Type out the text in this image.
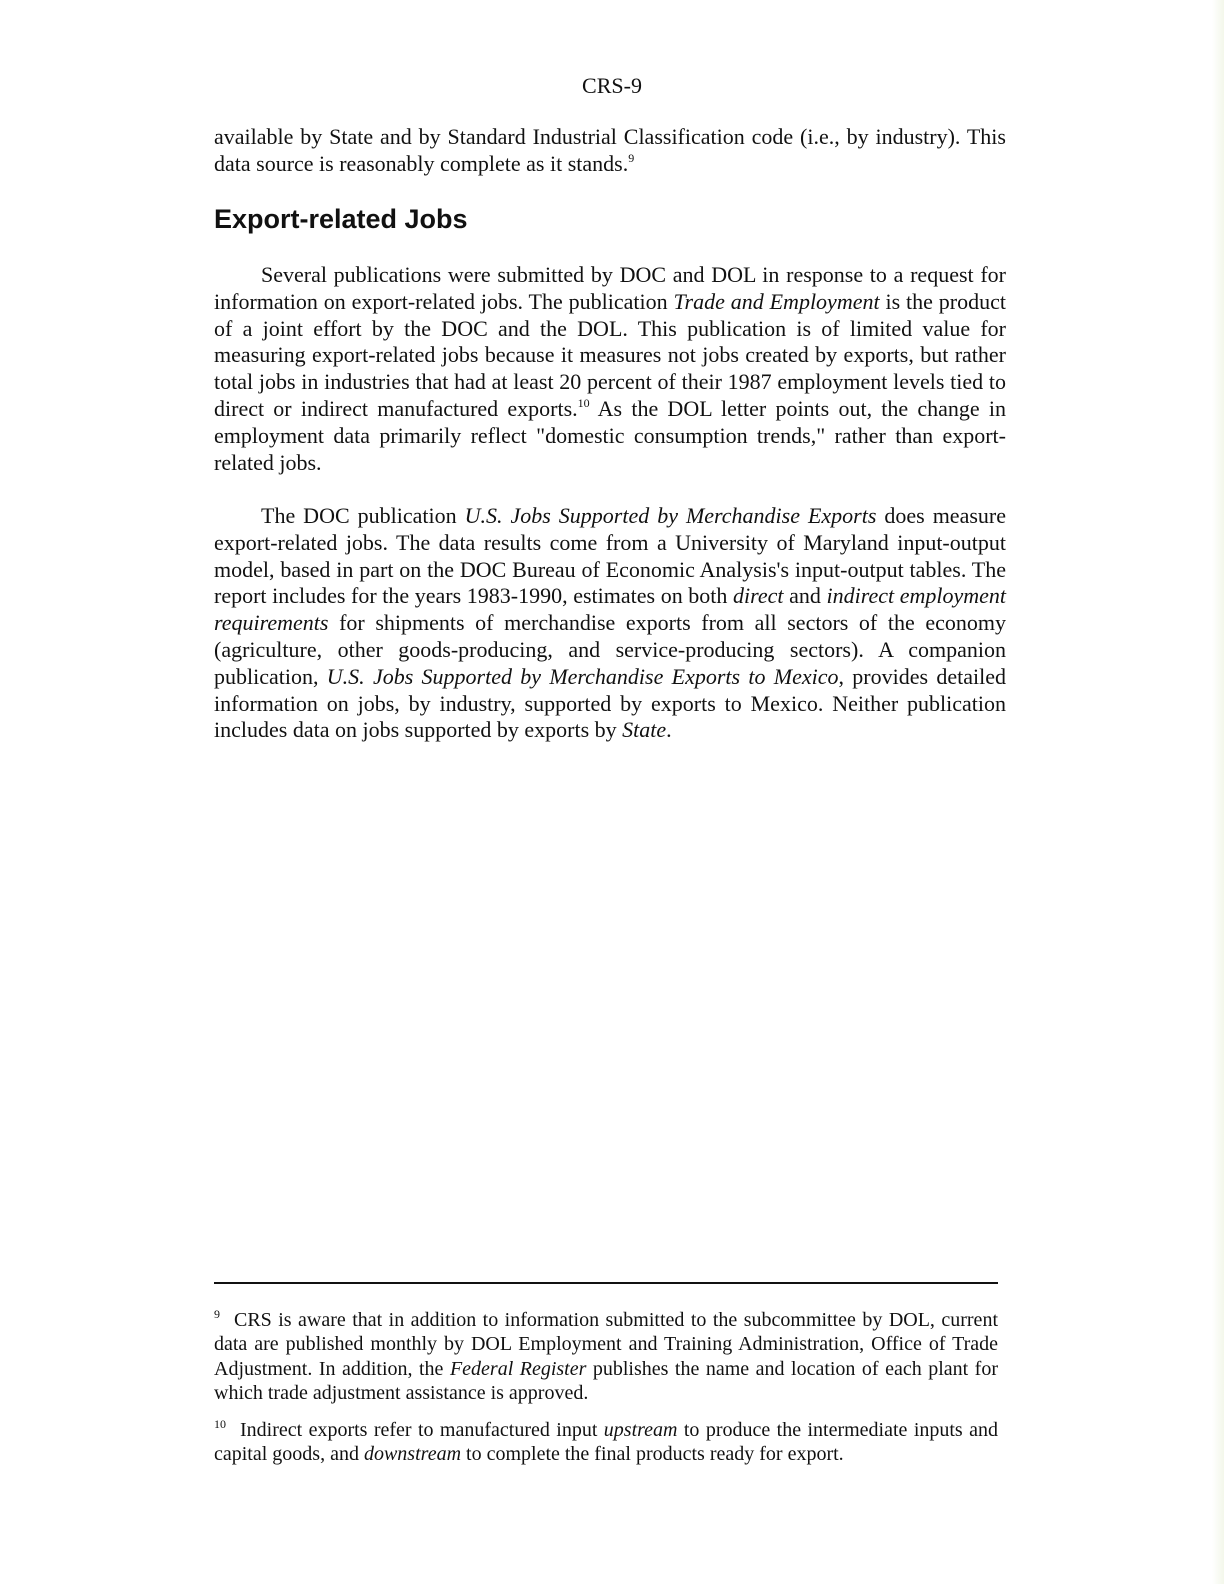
CRS-9

available by State and by Standard Industrial Classification code (i.e., by industry). This data source is reasonably complete as it stands.$^9$

Export-related Jobs

Several publications were submitted by DOC and DOL in response to a request for information on export-related jobs. The publication Trade and Employment is the product of a joint effort by the DOC and the DOL. This publication is of limited value for measuring export-related jobs because it measures not jobs created by exports, but rather total jobs in industries that had at least 20 percent of their 1987 employment levels tied to direct or indirect manufactured exports.$^{10}$ As the DOL letter points out, the change in employment data primarily reflect "domestic consumption trends," rather than export-related jobs.

The DOC publication U.S. Jobs Supported by Merchandise Exports does measure export-related jobs. The data results come from a University of Maryland input-output model, based in part on the DOC Bureau of Economic Analysis's input-output tables. The report includes for the years 1983-1990, estimates on both direct and indirect employment requirements for shipments of merchandise exports from all sectors of the economy (agriculture, other goods-producing, and service-producing sectors). A companion publication, U.S. Jobs Supported by Merchandise Exports to Mexico, provides detailed information on jobs, by industry, supported by exports to Mexico. Neither publication includes data on jobs supported by exports by State.

$^9$ CRS is aware that in addition to information submitted to the subcommittee by DOL, current data are published monthly by DOL Employment and Training Administration, Office of Trade Adjustment. In addition, the Federal Register publishes the name and location of each plant for which trade adjustment assistance is approved.

$^{10}$ Indirect exports refer to manufactured input upstream to produce the intermediate inputs and capital goods, and downstream to complete the final products ready for export.
